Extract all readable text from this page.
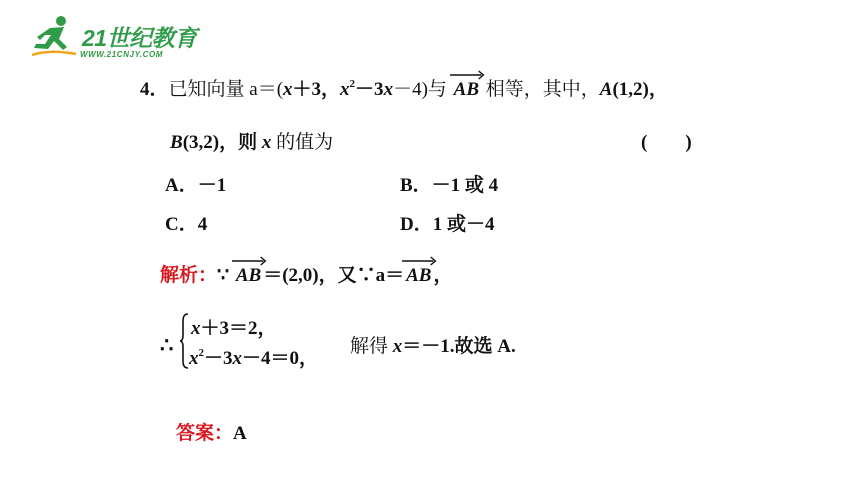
21世纪教育
WWW.21CNJY.COM
4．已知向量 a＝(x＋3，$x^2-3x-4$)与 AB 相等，其中，A(1,2)，
B(3,2)，则 x 的值为	(　　)
A．－1	B．－1 或 4
C．4	D．1 或－4
解析：∵ AB ＝(2,0)，又∵a＝ AB ，
∴
x＋3＝2，
$x^2-3x-4=0$，
解得 x＝－1.故选 A.
答案：A
